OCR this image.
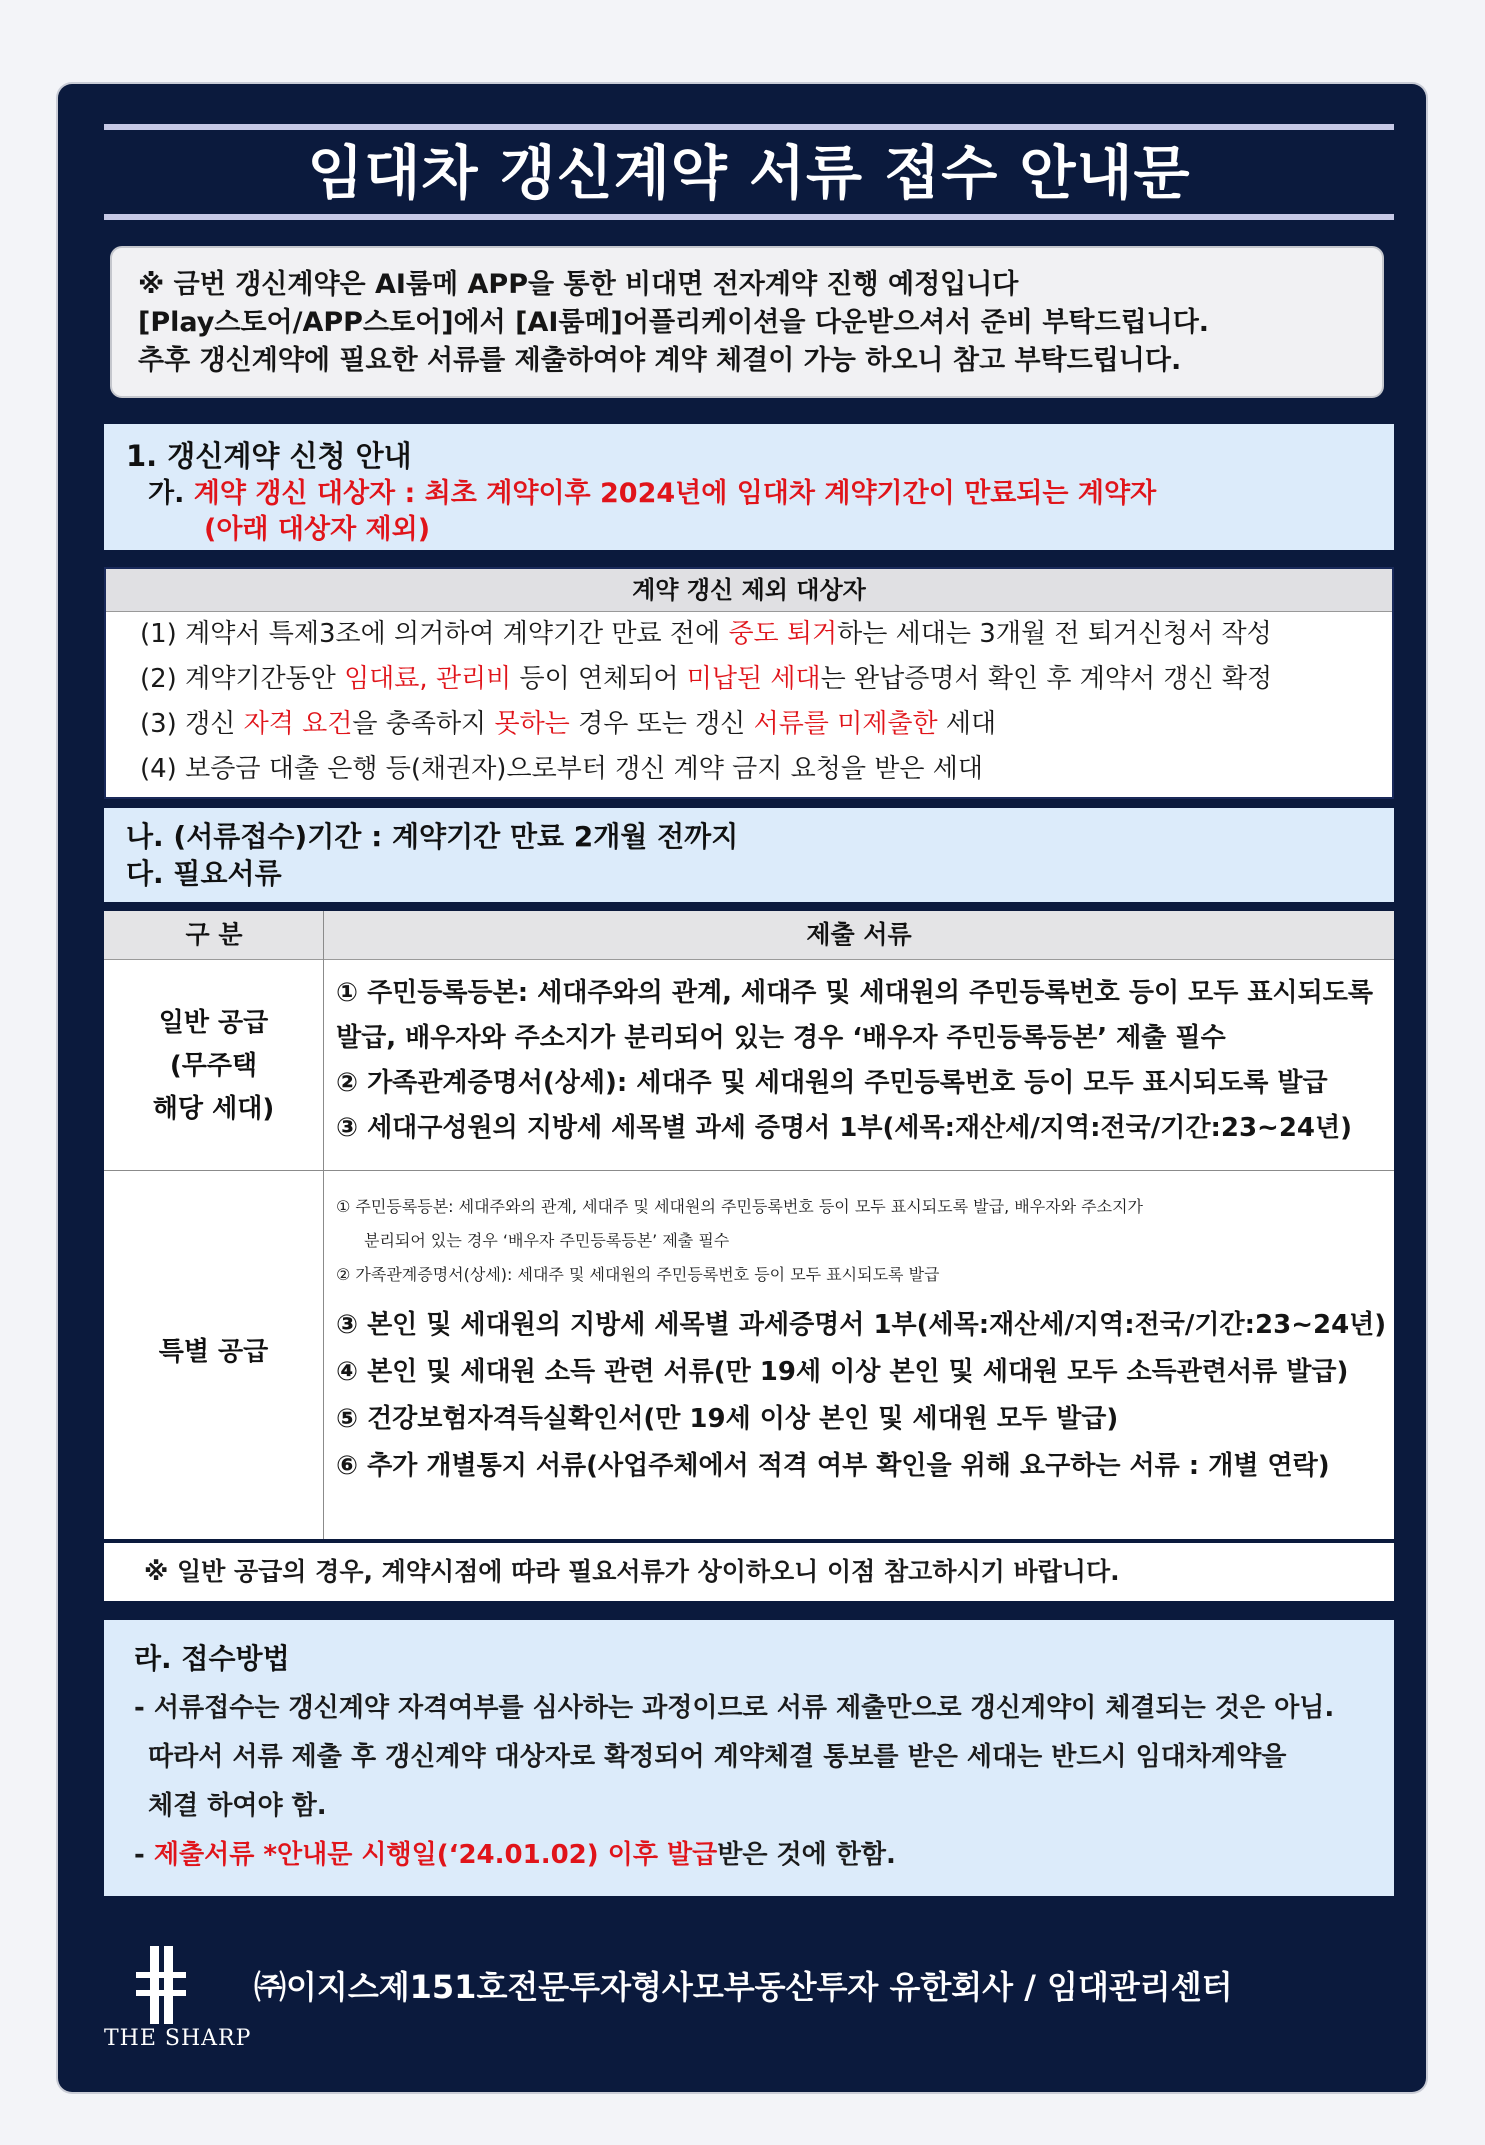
임대차 갱신계약 서류 접수 안내문
※ 금번 갱신계약은 AI룸메 APP을 통한 비대면 전자계약 진행 예정입니다
[Play스토어/APP스토어]에서 [AI룸메]어플리케이션을 다운받으셔서 준비 부탁드립니다.
추후 갱신계약에 필요한 서류를 제출하여야 계약 체결이 가능 하오니 참고 부탁드립니다.
1. 갱신계약 신청 안내
가. 계약 갱신 대상자 : 최초 계약이후 2024년에 임대차 계약기간이 만료되는 계약자
(아래 대상자 제외)
계약 갱신 제외 대상자
(1) 계약서 특제3조에 의거하여 계약기간 만료 전에 중도 퇴거하는 세대는 3개월 전 퇴거신청서 작성
(2) 계약기간동안 임대료, 관리비 등이 연체되어 미납된 세대는 완납증명서 확인 후 계약서 갱신 확정
(3) 갱신 자격 요건을 충족하지 못하는 경우 또는 갱신 서류를 미제출한 세대
(4) 보증금 대출 은행 등(채권자)으로부터 갱신 계약 금지 요청을 받은 세대
나. (서류접수)기간 : 계약기간 만료 2개월 전까지
다. 필요서류
구 분	제출 서류
일반 공급
(무주택
해당 세대)
① 주민등록등본: 세대주와의 관계, 세대주 및 세대원의 주민등록번호 등이 모두 표시되도록
발급, 배우자와 주소지가 분리되어 있는 경우 ‘배우자 주민등록등본’ 제출 필수
② 가족관계증명서(상세): 세대주 및 세대원의 주민등록번호 등이 모두 표시되도록 발급
③ 세대구성원의 지방세 세목별 과세 증명서 1부(세목:재산세/지역:전국/기간:23~24년)
특별 공급
① 주민등록등본: 세대주와의 관계, 세대주 및 세대원의 주민등록번호 등이 모두 표시되도록 발급, 배우자와 주소지가
분리되어 있는 경우 ‘배우자 주민등록등본’ 제출 필수
② 가족관계증명서(상세): 세대주 및 세대원의 주민등록번호 등이 모두 표시되도록 발급
③ 본인 및 세대원의 지방세 세목별 과세증명서 1부(세목:재산세/지역:전국/기간:23~24년)
④ 본인 및 세대원 소득 관련 서류(만 19세 이상 본인 및 세대원 모두 소득관련서류 발급)
⑤ 건강보험자격득실확인서(만 19세 이상 본인 및 세대원 모두 발급)
⑥ 추가 개별통지 서류(사업주체에서 적격 여부 확인을 위해 요구하는 서류 : 개별 연락)
※ 일반 공급의 경우, 계약시점에 따라 필요서류가 상이하오니 이점 참고하시기 바랍니다.
라. 접수방법
- 서류접수는 갱신계약 자격여부를 심사하는 과정이므로 서류 제출만으로 갱신계약이 체결되는 것은 아님.
따라서 서류 제출 후 갱신계약 대상자로 확정되어 계약체결 통보를 받은 세대는 반드시 임대차계약을
체결 하여야 함.
- 제출서류 *안내문 시행일(‘24.01.02) 이후 발급받은 것에 한함.
THE SHARP
㈜이지스제151호전문투자형사모부동산투자 유한회사 / 임대관리센터
